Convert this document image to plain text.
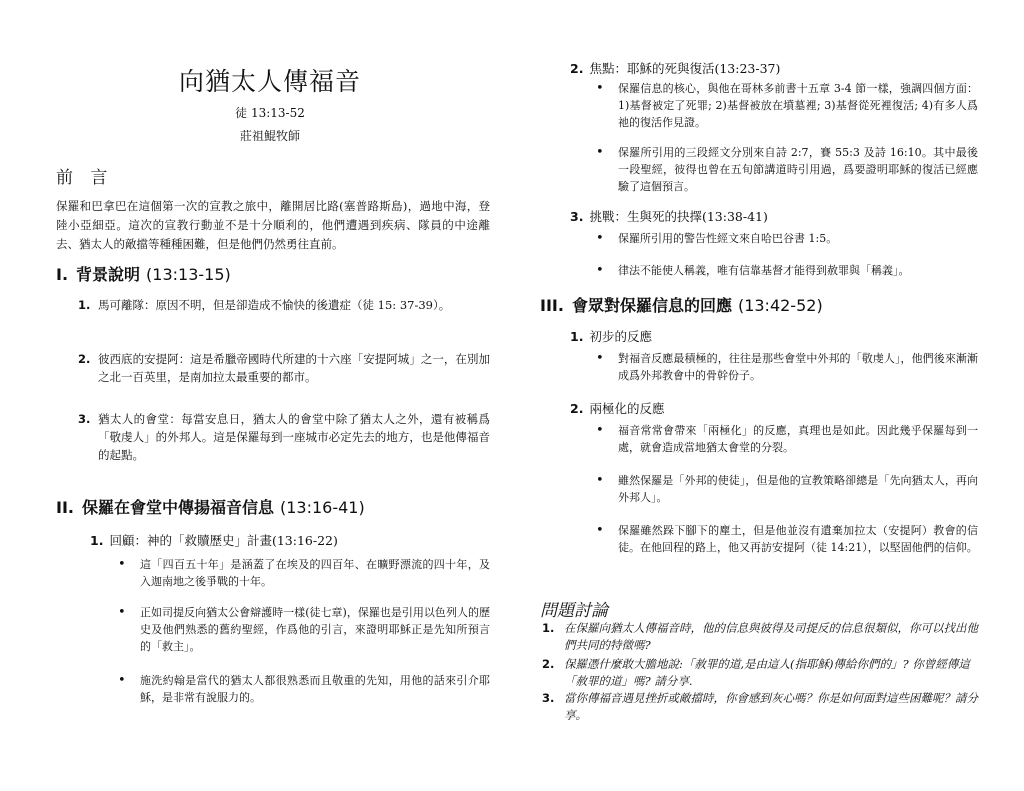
向猶太人傳福音
徒 13:13-52
莊祖鯤牧師
前 言
保羅和巴拿巴在這個第一次的宣教之旅中，離開居比路(塞普路斯島)，過地中海，登陸小亞細亞。這次的宣教行動並不是十分順利的，他們遭遇到疾病、隊員的中途離去、猶太人的敵擋等種種困難，但是他們仍然勇往直前。
I. 背景說明 (13:13-15)
1. 馬可離隊：原因不明，但是卻造成不愉快的後遺症（徒 15: 37-39）。
2. 彼西底的安提阿：這是希臘帝國時代所建的十六座「安提阿城」之一，在別加之北一百英里，是南加拉太最重要的都市。
3. 猶太人的會堂：每當安息日，猶太人的會堂中除了猶太人之外，還有被稱爲「敬虔人」的外邦人。這是保羅每到一座城市必定先去的地方，也是他傳福音的起點。
II. 保羅在會堂中傳揚福音信息 (13:16-41)
1. 回顧：神的「救贖歷史」計畫(13:16-22)
• 這「四百五十年」是涵蓋了在埃及的四百年、在曠野漂流的四十年，及入迦南地之後爭戰的十年。
• 正如司提反向猶太公會辯護時一樣(徒七章)，保羅也是引用以色列人的歷史及他們熟悉的舊約聖經，作爲他的引言，來證明耶穌正是先知所預言的「救主」。
• 施洗約翰是當代的猶太人都很熟悉而且敬重的先知，用他的話來引介耶穌，是非常有說服力的。
2. 焦點：耶穌的死與復活(13:23-37)
• 保羅信息的核心，與他在哥林多前書十五章 3-4 節一樣，強調四個方面：1)基督被定了死罪; 2)基督被放在墳墓裡; 3)基督從死裡復活; 4)有多人爲祂的復活作見證。
• 保羅所引用的三段經文分別來自詩 2:7，賽 55:3 及詩 16:10。其中最後一段聖經，彼得也曾在五旬節講道時引用過，爲要證明耶穌的復活已經應驗了這個預言。
3. 挑戰：生與死的抉擇(13:38-41)
• 保羅所引用的警告性經文來自哈巴谷書 1:5。
• 律法不能使人稱義，唯有信靠基督才能得到赦罪與「稱義」。
III. 會眾對保羅信息的回應 (13:42-52)
1. 初步的反應
• 對福音反應最積極的，往往是那些會堂中外邦的「敬虔人」，他們後來漸漸成爲外邦教會中的骨幹份子。
2. 兩極化的反應
• 福音常常會帶來「兩極化」的反應，真理也是如此。因此幾乎保羅每到一處，就會造成當地猶太會堂的分裂。
• 雖然保羅是「外邦的使徒」，但是他的宣教策略卻總是「先向猶太人，再向外邦人」。
• 保羅雖然跺下腳下的塵土，但是他並沒有遺棄加拉太（安提阿）教會的信徒。在他回程的路上，他又再訪安提阿（徒 14:21），以堅固他們的信仰。
問題討論
1. 在保羅向猶太人傳福音時，他的信息與彼得及司提反的信息很類似，你可以找出他們共同的特徵嗎?
2. 保羅憑什麼敢大膽地說:「赦罪的道,是由這人(指耶穌)傳給你們的」? 你曾經傳這「赦罪的道」嗎? 請分享.
3. 當你傳福音遇見挫折或敵擋時，你會感到灰心嗎？你是如何面對這些困難呢？請分享。
